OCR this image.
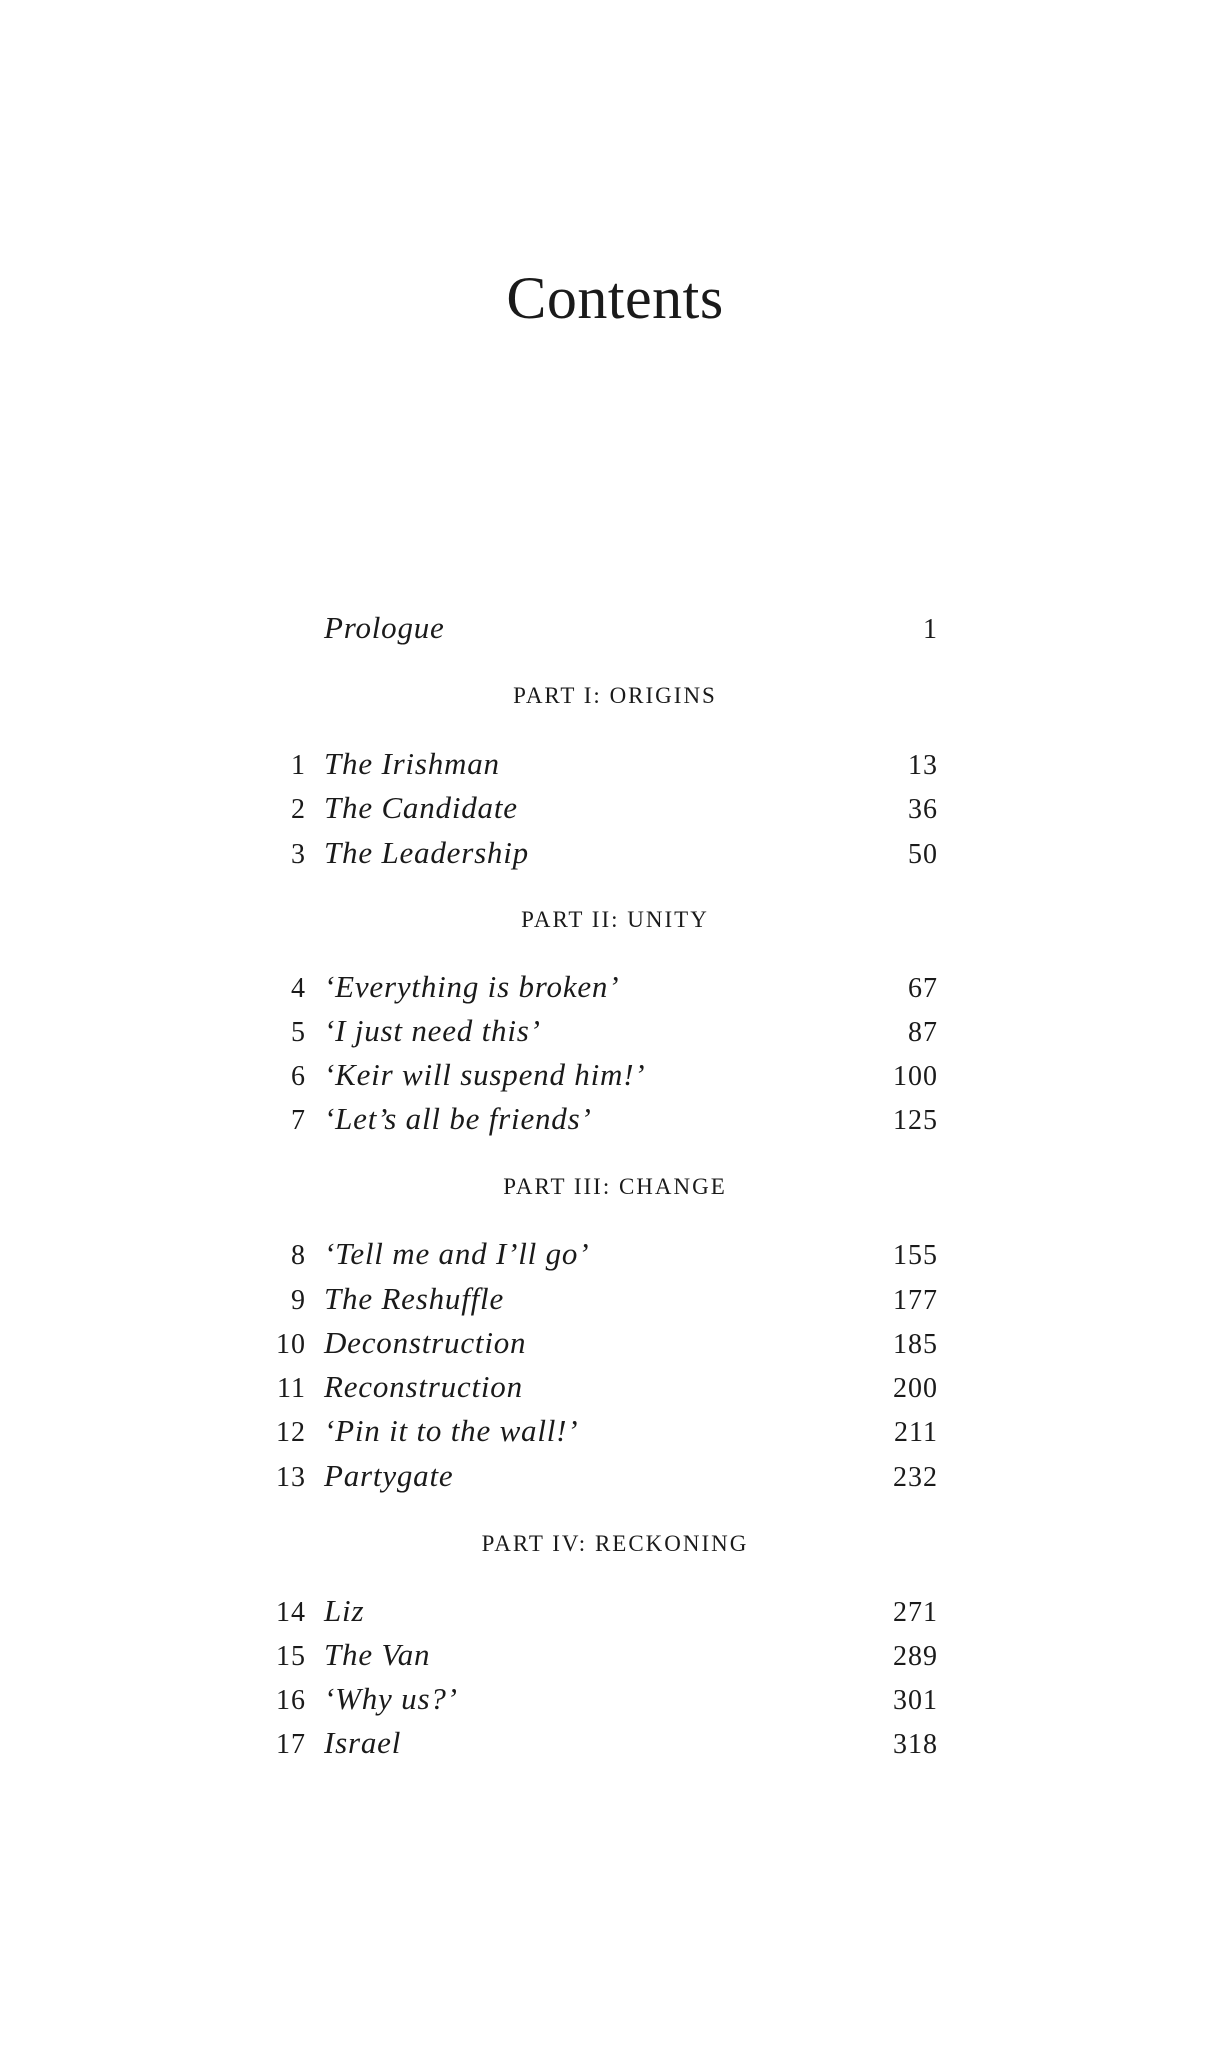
Contents
Prologue	1
PART I: ORIGINS
1 The Irishman	13
2 The Candidate	36
3 The Leadership	50
PART II: UNITY
4 ‘Everything is broken’	67
5 ‘I just need this’	87
6 ‘Keir will suspend him!’	100
7 ‘Let’s all be friends’	125
PART III: CHANGE
8 ‘Tell me and I’ll go’	155
9 The Reshuffle	177
10 Deconstruction	185
11 Reconstruction	200
12 ‘Pin it to the wall!’	211
13 Partygate	232
PART IV: RECKONING
14 Liz	271
15 The Van	289
16 ‘Why us?’	301
17 Israel	318
